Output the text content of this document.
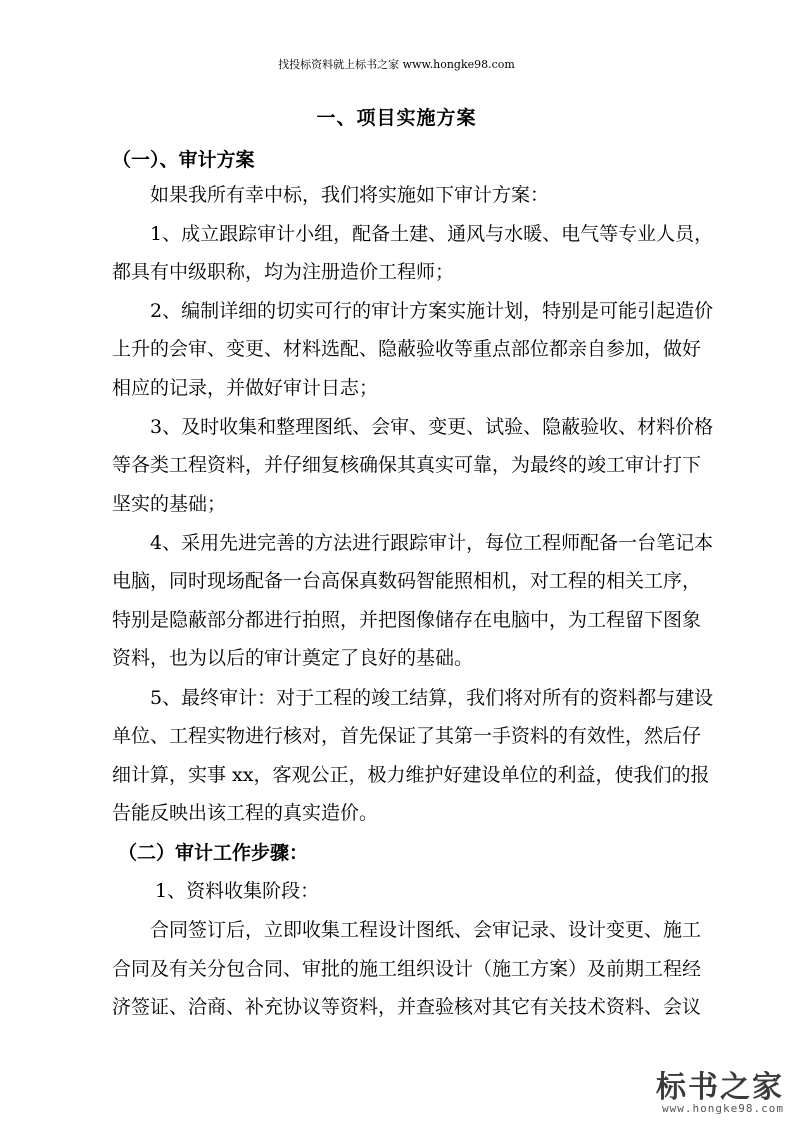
找投标资料就上标书之家 www.hongke98.com
一、项目实施方案
（一）、审计方案
如果我所有幸中标，我们将实施如下审计方案：
1、成立跟踪审计小组，配备土建、通风与水暖、电气等专业人员，
都具有中级职称，均为注册造价工程师；
2、编制详细的切实可行的审计方案实施计划，特别是可能引起造价
上升的会审、变更、材料选配、隐蔽验收等重点部位都亲自参加，做好
相应的记录，并做好审计日志；
3、及时收集和整理图纸、会审、变更、试验、隐蔽验收、材料价格
等各类工程资料，并仔细复核确保其真实可靠，为最终的竣工审计打下
坚实的基础；
4、采用先进完善的方法进行跟踪审计，每位工程师配备一台笔记本
电脑，同时现场配备一台高保真数码智能照相机，对工程的相关工序，
特别是隐蔽部分都进行拍照，并把图像储存在电脑中，为工程留下图象
资料，也为以后的审计奠定了良好的基础。
5、最终审计：对于工程的竣工结算，我们将对所有的资料都与建设
单位、工程实物进行核对，首先保证了其第一手资料的有效性，然后仔
细计算，实事 xx，客观公正，极力维护好建设单位的利益，使我们的报
告能反映出该工程的真实造价。
（二）审计工作步骤：
1、资料收集阶段：
合同签订后，立即收集工程设计图纸、会审记录、设计变更、施工
合同及有关分包合同、审批的施工组织设计（施工方案）及前期工程经
济签证、洽商、补充协议等资料，并查验核对其它有关技术资料、会议
标书之家
www.hongke98.com
